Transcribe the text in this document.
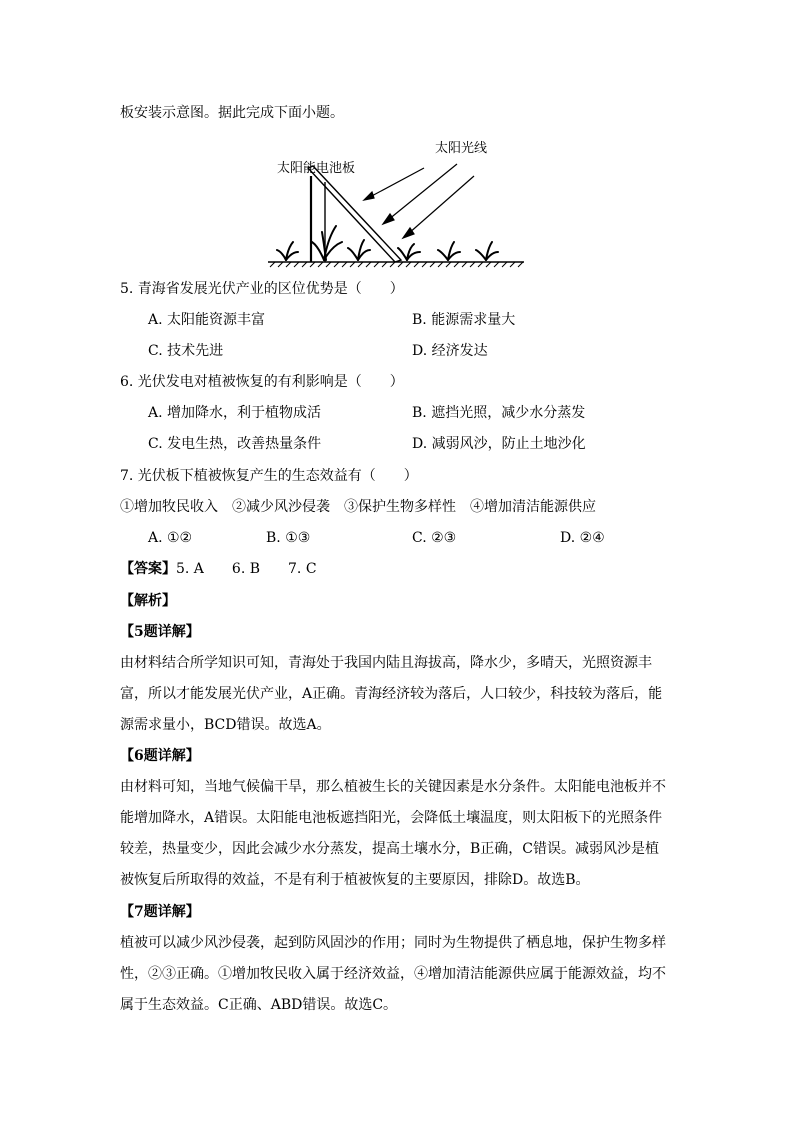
板安装示意图。据此完成下面小题。
太阳能电池板
太阳光线
5. 青海省发展光伏产业的区位优势是（　　）
A. 太阳能资源丰富	B. 能源需求量大
C. 技术先进	D. 经济发达
6. 光伏发电对植被恢复的有利影响是（　　）
A. 增加降水，利于植物成活	B. 遮挡光照，减少水分蒸发
C. 发电生热，改善热量条件	D. 减弱风沙，防止土地沙化
7. 光伏板下植被恢复产生的生态效益有（　　）
①增加牧民收入　②减少风沙侵袭　③保护生物多样性　④增加清洁能源供应
A. ①②	B. ①③	C. ②③	D. ②④
【答案】5. A　　6. B　　7. C
【解析】
【5题详解】
由材料结合所学知识可知，青海处于我国内陆且海拔高，降水少，多晴天，光照资源丰富，所以才能发展光伏产业，A正确。青海经济较为落后，人口较少，科技较为落后，能源需求量小，BCD错误。故选A。
【6题详解】
由材料可知，当地气候偏干旱，那么植被生长的关键因素是水分条件。太阳能电池板并不能增加降水，A错误。太阳能电池板遮挡阳光，会降低土壤温度，则太阳板下的光照条件较差，热量变少，因此会减少水分蒸发，提高土壤水分，B正确，C错误。减弱风沙是植被恢复后所取得的效益，不是有利于植被恢复的主要原因，排除D。故选B。
【7题详解】
植被可以减少风沙侵袭，起到防风固沙的作用；同时为生物提供了栖息地，保护生物多样性，②③正确。①增加牧民收入属于经济效益，④增加清洁能源供应属于能源效益，均不属于生态效益。C正确、ABD错误。故选C。
